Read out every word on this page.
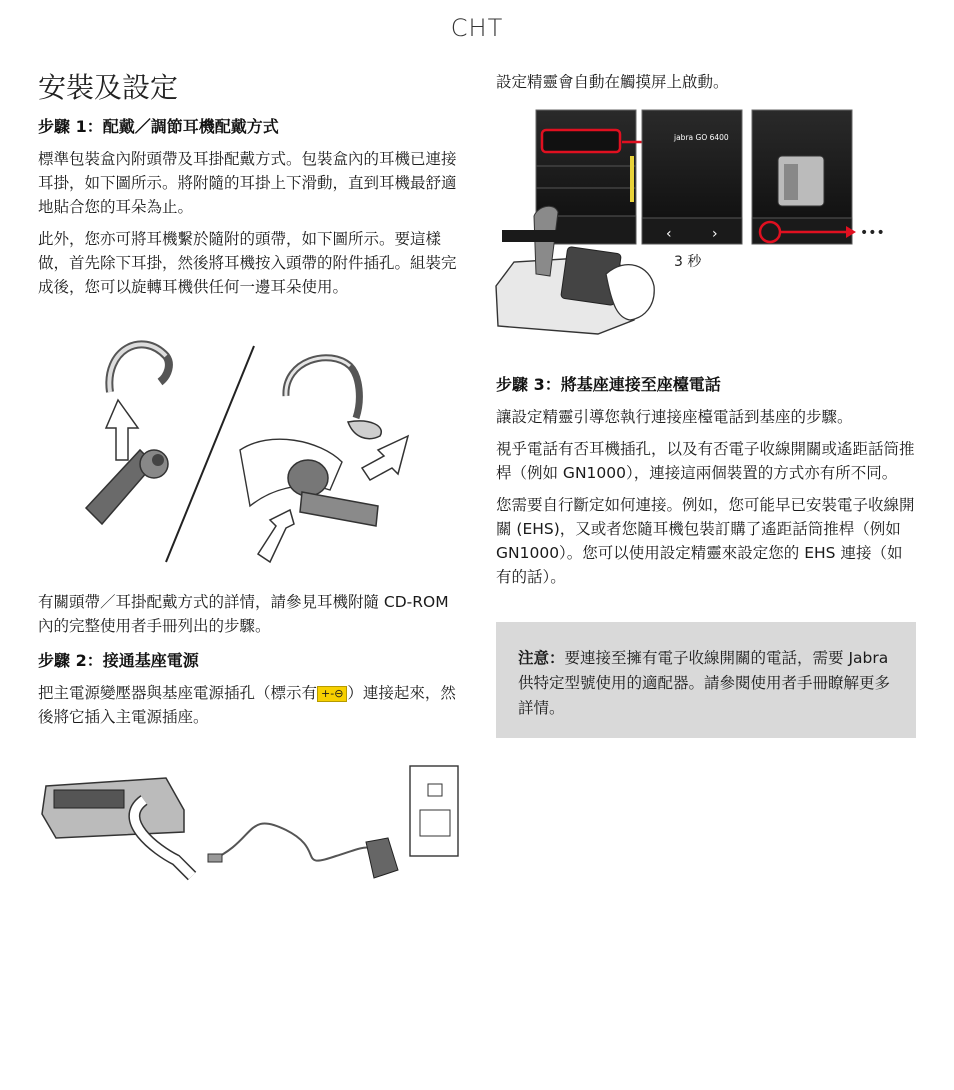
CHT
安裝及設定
步驟 1：配戴／調節耳機配戴方式

標準包裝盒內附頭帶及耳掛配戴方式。包裝盒內的耳機已連接耳掛，如下圖所示。將附隨的耳掛上下滑動，直到耳機最舒適地貼合您的耳朵為止。

此外，您亦可將耳機繫於隨附的頭帶，如下圖所示。要這樣做，首先除下耳掛，然後將耳機按入頭帶的附件插孔。組裝完成後，您可以旋轉耳機供任何一邊耳朵使用。

有關頭帶／耳掛配戴方式的詳情，請參見耳機附隨 CD-ROM 內的完整使用者手冊列出的步驟。

步驟 2：接通基座電源

把主電源變壓器與基座電源插孔（標示有 +-⊖ ）連接起來，然後將它插入主電源插座。

設定精靈會自動在觸摸屏上啟動。

jabra GO 6400
‹	›	•••
3 秒
步驟 3：將基座連接至座檯電話

讓設定精靈引導您執行連接座檯電話到基座的步驟。

視乎電話有否耳機插孔，以及有否電子收線開關或遙距話筒推桿（例如 GN1000），連接這兩個裝置的方式亦有所不同。

您需要自行斷定如何連接。例如，您可能早已安裝電子收線開關 (EHS)，又或者您隨耳機包裝訂購了遙距話筒推桿（例如 GN1000）。您可以使用設定精靈來設定您的 EHS 連接（如有的話）。

注意：要連接至擁有電子收線開關的電話，需要 Jabra 供特定型號使用的適配器。請參閱使用者手冊瞭解更多詳情。
